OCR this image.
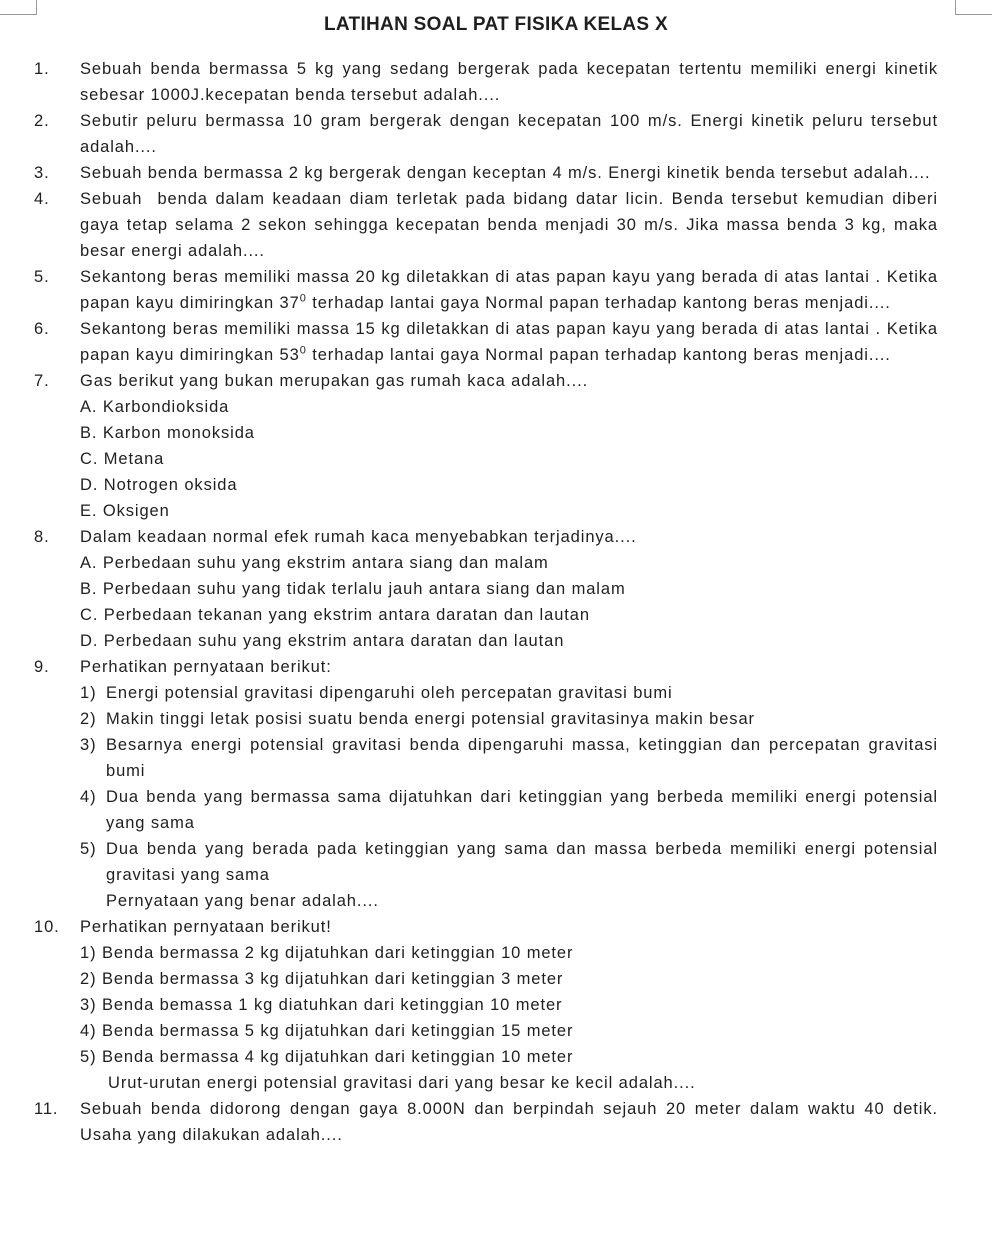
LATIHAN SOAL PAT FISIKA KELAS X
1. Sebuah benda bermassa 5 kg yang sedang bergerak pada kecepatan tertentu memiliki energi kinetik sebesar 1000J.kecepatan benda tersebut adalah....
2. Sebutir peluru bermassa 10 gram bergerak dengan kecepatan 100 m/s. Energi kinetik peluru tersebut adalah....
3. Sebuah benda bermassa 2 kg bergerak dengan keceptan 4 m/s. Energi kinetik benda tersebut adalah....
4. Sebuah  benda dalam keadaan diam terletak pada bidang datar licin. Benda tersebut kemudian diberi gaya tetap selama 2 sekon sehingga kecepatan benda menjadi 30 m/s. Jika massa benda 3 kg, maka besar energi adalah....
5. Sekantong beras memiliki massa 20 kg diletakkan di atas papan kayu yang berada di atas lantai . Ketika papan kayu dimiringkan $37^0$ terhadap lantai gaya Normal papan terhadap kantong beras menjadi....
6. Sekantong beras memiliki massa 15 kg diletakkan di atas papan kayu yang berada di atas lantai . Ketika papan kayu dimiringkan $53^0$ terhadap lantai gaya Normal papan terhadap kantong beras menjadi....
7. Gas berikut yang bukan merupakan gas rumah kaca adalah....
A. Karbondioksida
B. Karbon monoksida
C. Metana
D. Notrogen oksida
E. Oksigen
8. Dalam keadaan normal efek rumah kaca menyebabkan terjadinya....
A. Perbedaan suhu yang ekstrim antara siang dan malam
B. Perbedaan suhu yang tidak terlalu jauh antara siang dan malam
C. Perbedaan tekanan yang ekstrim antara daratan dan lautan
D. Perbedaan suhu yang ekstrim antara daratan dan lautan
9. Perhatikan pernyataan berikut:
1) Energi potensial gravitasi dipengaruhi oleh percepatan gravitasi bumi
2) Makin tinggi letak posisi suatu benda energi potensial gravitasinya makin besar
3) Besarnya energi potensial gravitasi benda dipengaruhi massa, ketinggian dan percepatan gravitasi bumi
4) Dua benda yang bermassa sama dijatuhkan dari ketinggian yang berbeda memiliki energi potensial yang sama
5) Dua benda yang berada pada ketinggian yang sama dan massa berbeda memiliki energi potensial gravitasi yang sama
Pernyataan yang benar adalah....
10. Perhatikan pernyataan berikut!
1) Benda bermassa 2 kg dijatuhkan dari ketinggian 10 meter
2) Benda bermassa 3 kg dijatuhkan dari ketinggian 3 meter
3) Benda bemassa 1 kg diatuhkan dari ketinggian 10 meter
4) Benda bermassa 5 kg dijatuhkan dari ketinggian 15 meter
5) Benda bermassa 4 kg dijatuhkan dari ketinggian 10 meter
Urut-urutan energi potensial gravitasi dari yang besar ke kecil adalah....
11. Sebuah benda didorong dengan gaya 8.000N dan berpindah sejauh 20 meter dalam waktu 40 detik. Usaha yang dilakukan adalah....
